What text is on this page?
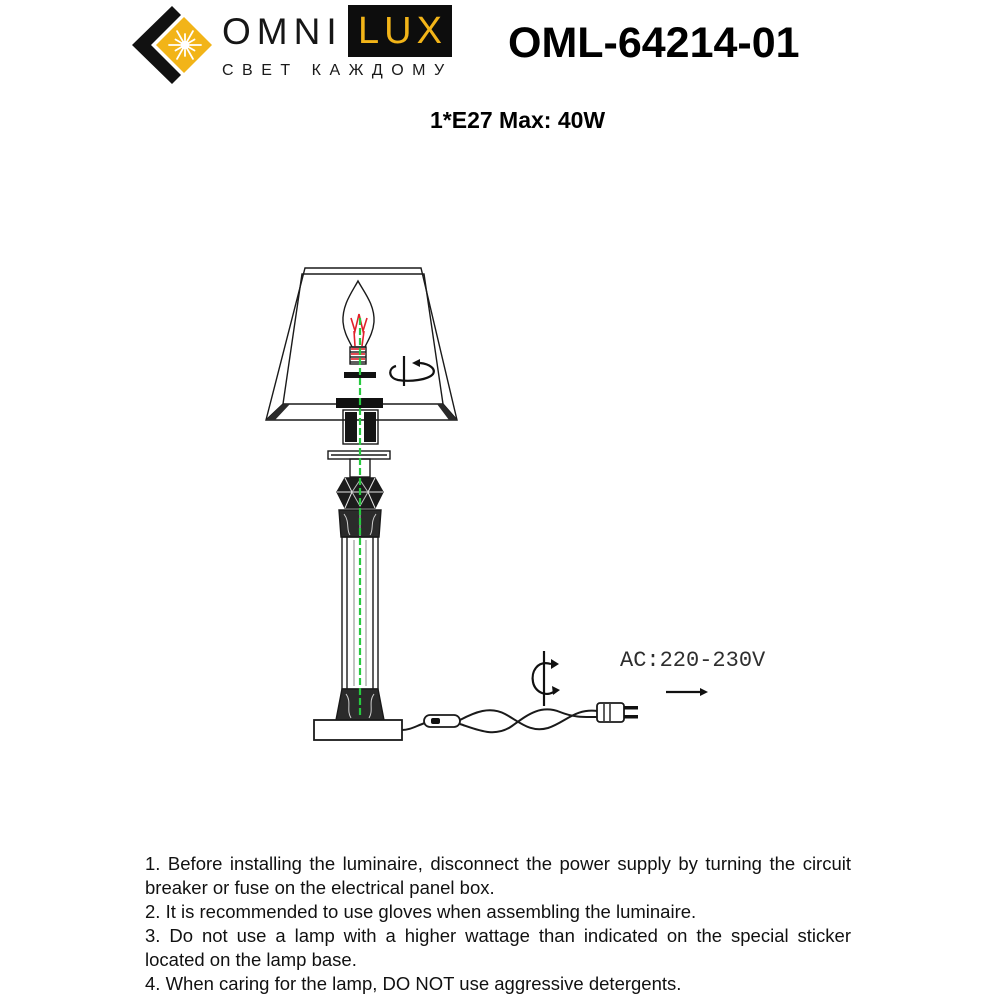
OMNI LUX
СВЕТ КАЖДОМУ
OML-64214-01
1*E27 Max: 40W
AC:220-230V
1. Before installing the luminaire, disconnect the power supply by turning the circuit breaker or fuse on the electrical panel box.
2. It is recommended to use gloves when assembling the luminaire.
3. Do not use a lamp with a higher wattage than indicated on the special sticker located on the lamp base.
4. When caring for the lamp, DO NOT use aggressive detergents.
